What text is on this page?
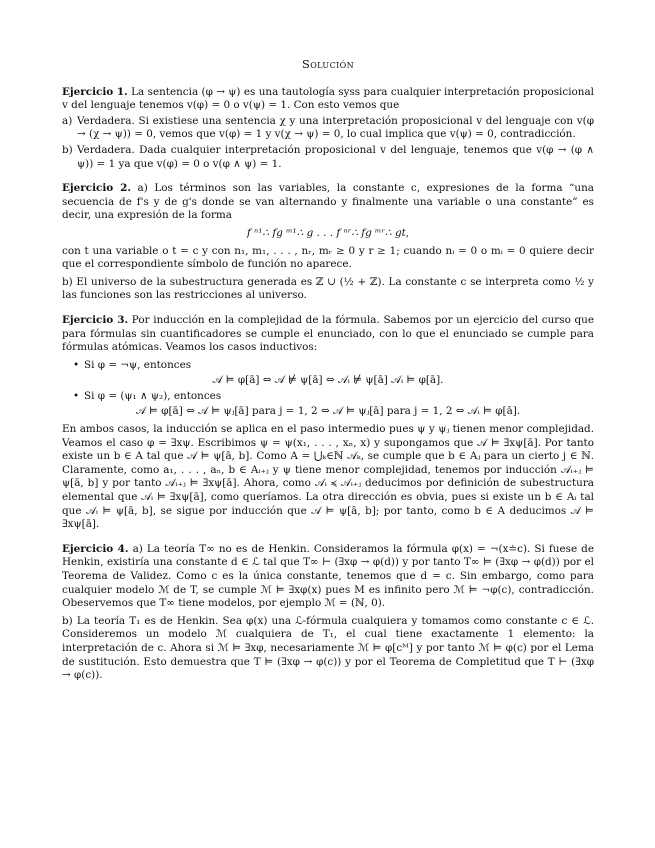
Solución

Ejercicio 1. La sentencia (φ → ψ) es una tautología syss para cualquier interpretación proposicional v del lenguaje tenemos v(φ) = 0 o v(ψ) = 1. Con esto vemos que

a) Verdadera. Si existiese una sentencia χ y una interpretación proposicional v del lenguaje con v(φ → (χ → ψ)) = 0, vemos que v(φ) = 1 y v(χ → ψ) = 0, lo cual implica que v(ψ) = 0, contradicción.
b) Verdadera. Dada cualquier interpretación proposicional v del lenguaje, tenemos que v(φ → (φ ∧ ψ)) = 1 ya que v(φ) = 0 o v(φ ∧ ψ) = 1.

Ejercicio 2. a) Los términos son las variables, la constante c, expresiones de la forma “una secuencia de f's y de g's donde se van alternando y finalmente una variable o una constante” es decir, una expresión de la forma

f ⁿ¹∴ fg ᵐ¹∴ g . . . f ⁿʳ∴ fg ᵐʳ∴ gt,

con t una variable o t = c y con n₁, m₁, . . . , nᵣ, mᵣ ≥ 0 y r ≥ 1; cuando nᵢ = 0 o mᵢ = 0 quiere decir que el correspondiente símbolo de función no aparece.

b) El universo de la subestructura generada es ℤ ∪ (½ + ℤ). La constante c se interpreta como ½ y las funciones son las restricciones al universo.

Ejercicio 3. Por inducción en la complejidad de la fórmula. Sabemos por un ejercicio del curso que para fórmulas sin cuantificadores se cumple el enunciado, con lo que el enunciado se cumple para fórmulas atómicas. Veamos los casos inductivos:

• Si φ = ¬ψ, entonces
𝒜 ⊨ φ[ā] ⇔ 𝒜 ⊭ ψ[ā] ⇔ 𝒜ᵢ ⊭ ψ[ā] 𝒜ᵢ ⊨ φ[ā].
• Si φ = (ψ₁ ∧ ψ₂), entonces
𝒜 ⊨ φ[ā] ⇔ 𝒜 ⊨ ψⱼ[ā] para j = 1, 2 ⇔ 𝒜 ⊨ ψⱼ[ā] para j = 1, 2 ⇔ 𝒜ᵢ ⊨ φ[ā].

En ambos casos, la inducción se aplica en el paso intermedio pues ψ y ψⱼ tienen menor complejidad. Veamos el caso φ = ∃xψ. Escribimos ψ = ψ(x₁, . . . , xₙ, x) y supongamos que 𝒜 ⊨ ∃xψ[ā]. Por tanto existe un b ∈ A tal que 𝒜 ⊨ ψ[ā, b]. Como A = ⋃ₖ∈ℕ 𝒜ₖ, se cumple que b ∈ Aⱼ para un cierto j ∈ ℕ. Claramente, como a₁, . . . , aₙ, b ∈ Aᵢ₊ⱼ y ψ tiene menor complejidad, tenemos por inducción 𝒜ᵢ₊ⱼ ⊨ ψ[ā, b] y por tanto 𝒜ᵢ₊ⱼ ⊨ ∃xψ[ā]. Ahora, como 𝒜ᵢ ≼ 𝒜ᵢ₊ⱼ deducimos por definición de subestructura elemental que 𝒜ᵢ ⊨ ∃xψ[ā], como queríamos. La otra dirección es obvia, pues si existe un b ∈ Aᵢ tal que 𝒜ᵢ ⊨ ψ[ā, b], se sigue por inducción que 𝒜 ⊨ ψ[ā, b]; por tanto, como b ∈ A deducimos 𝒜 ⊨ ∃xψ[ā].

Ejercicio 4. a) La teoría T∞ no es de Henkin. Consideramos la fórmula φ(x) = ¬(x≐c). Si fuese de Henkin, existiría una constante d ∈ ℒ tal que T∞ ⊢ (∃xφ → φ(d)) y por tanto T∞ ⊨ (∃xφ → φ(d)) por el Teorema de Validez. Como c es la única constante, tenemos que d = c. Sin embargo, como para cualquier modelo ℳ de T, se cumple ℳ ⊨ ∃xφ(x) pues M es infinito pero ℳ ⊨ ¬φ(c), contradicción. Obeservemos que T∞ tiene modelos, por ejemplo ℳ = (ℕ, 0).

b) La teoría T₁ es de Henkin. Sea φ(x) una ℒ-fórmula cualquiera y tomamos como constante c ∈ ℒ. Consideremos un modelo ℳ cualquiera de T₁, el cual tiene exactamente 1 elemento: la interpretación de c. Ahora si ℳ ⊨ ∃xφ, necesariamente ℳ ⊨ φ[cᴹ] y por tanto ℳ ⊨ φ(c) por el Lema de sustitución. Esto demuestra que T ⊨ (∃xφ → φ(c)) y por el Teorema de Completitud que T ⊢ (∃xφ → φ(c)).
